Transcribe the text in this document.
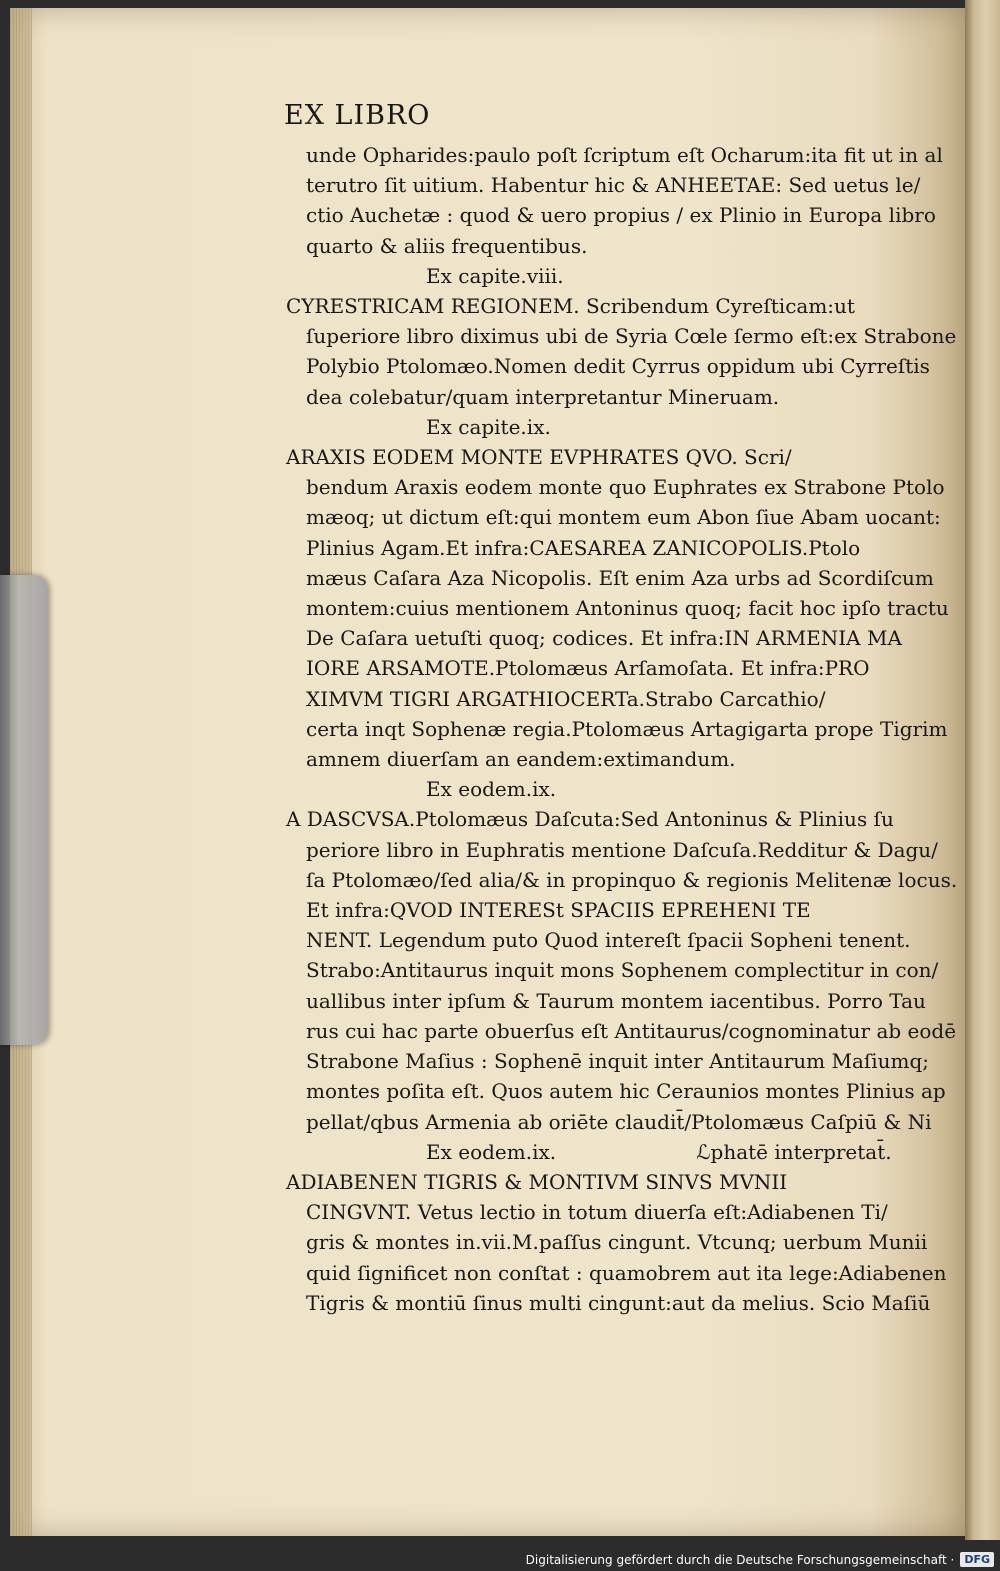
EX LIBRO
unde Opharides:paulo poſt ſcriptum eſt Ocharum:ita fit ut in al
terutro ſit uitium. Habentur hic & ANHEETAE: Sed uetus le/
ctio Auchetæ : quod & uero propius / ex Plinio in Europa libro
quarto & aliis frequentibus.
Ex capite.viii.
CYRESTRICAM REGIONEM. Scribendum Cyreſticam:ut
ſuperiore libro diximus ubi de Syria Cœle ſermo eſt:ex Strabone
Polybio Ptolomæo.Nomen dedit Cyrrus oppidum ubi Cyrreſtis
dea colebatur/quam interpretantur Mineruam.
Ex capite.ix.
ARAXIS EODEM MONTE EVPHRATES QVO. Scri/
bendum Araxis eodem monte quo Euphrates ex Strabone Ptolo
mæoq; ut dictum eſt:qui montem eum Abon ſiue Abam uocant:
Plinius Agam.Et infra:CAESAREA ZANICOPOLIS.Ptolo
mæus Caſara Aza Nicopolis. Eſt enim Aza urbs ad Scordiſcum
montem:cuius mentionem Antoninus quoq; facit hoc ipſo tractu
De Caſara uetuſti quoq; codices. Et infra:IN ARMENIA MA
IORE ARSAMOTE.Ptolomæus Arſamoſata. Et infra:PRO
XIMVM TIGRI ARGATHIOCERTa.Strabo Carcathio/
certa inqt Sophenæ regia.Ptolomæus Artagigarta prope Tigrim
amnem diuerſam an eandem:extimandum.
Ex eodem.ix.
A DASCVSA.Ptolomæus Daſcuta:Sed Antoninus & Plinius ſu
periore libro in Euphratis mentione Daſcuſa.Redditur & Dagu/
ſa Ptolomæo/ſed alia/& in propinquo & regionis Melitenæ locus.
Et infra:QVOD INTERESt SPACIIS EPREHENI TE
NENT. Legendum puto Quod intereſt ſpacii Sopheni tenent.
Strabo:Antitaurus inquit mons Sophenem complectitur in con/
uallibus inter ipſum & Taurum montem iacentibus. Porro Tau
rus cui hac parte obuerſus eſt Antitaurus/cognominatur ab eodē
Strabone Maſius : Sophenē inquit inter Antitaurum Maſiumq;
montes poſita eſt. Quos autem hic Ceraunios montes Plinius ap
pellat/qbus Armenia ab oriēte claudit̄/Ptolomæus Caſpiū & Ni
Ex eodem.ix.	ℒphatē interpretat̄.
ADIABENEN TIGRIS & MONTIVM SINVS MVNII
CINGVNT. Vetus lectio in totum diuerſa eſt:Adiabenen Ti/
gris & montes in.vii.M.paſſus cingunt. Vtcunq; uerbum Munii
quid ſignificet non conſtat : quamobrem aut ita lege:Adiabenen
Tigris & montiū ſinus multi cingunt:aut da melius. Scio Maſiū
Digitalisierung gefördert durch die Deutsche Forschungsgemeinschaft · DFG
